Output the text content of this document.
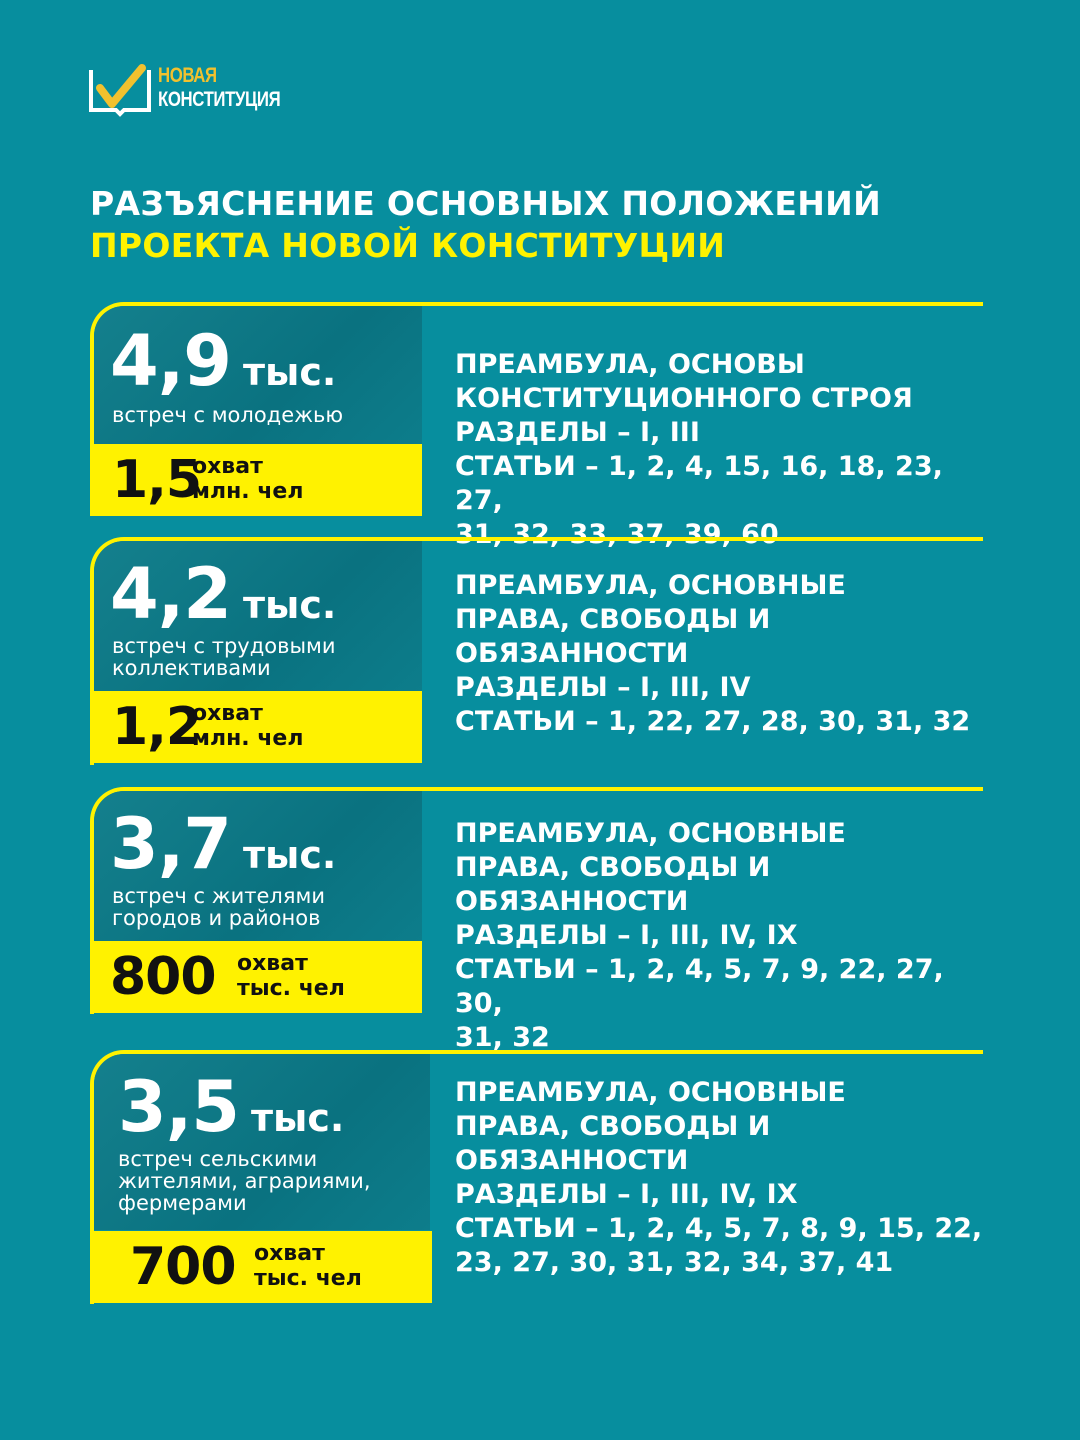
НОВАЯ
КОНСТИТУЦИЯ
РАЗЪЯСНЕНИЕ ОСНОВНЫХ ПОЛОЖЕНИЙ
ПРОЕКТА НОВОЙ КОНСТИТУЦИИ
4,9 тыс.
встреч с молодежью
1,5
охват
млн. чел
ПРЕАМБУЛА, ОСНОВЫ
КОНСТИТУЦИОННОГО СТРОЯ
РАЗДЕЛЫ – I, III
СТАТЬИ – 1, 2, 4, 15, 16, 18, 23, 27,
31, 32, 33, 37, 39, 60
4,2 тыс.
встреч с трудовыми
коллективами
1,2
охват
млн. чел
ПРЕАМБУЛА, ОСНОВНЫЕ
ПРАВА, СВОБОДЫ И
ОБЯЗАННОСТИ
РАЗДЕЛЫ – I, III, IV
СТАТЬИ – 1, 22, 27, 28, 30, 31, 32
3,7 тыс.
встреч с жителями
городов и районов
800 охват
тыс. чел
ПРЕАМБУЛА, ОСНОВНЫЕ
ПРАВА, СВОБОДЫ И
ОБЯЗАННОСТИ
РАЗДЕЛЫ – I, III, IV, IX
СТАТЬИ – 1, 2, 4, 5, 7, 9, 22, 27, 30,
31, 32
3,5 тыс.
встреч сельскими
жителями, аграриями,
фермерами
700 охват
тыс. чел
ПРЕАМБУЛА, ОСНОВНЫЕ
ПРАВА, СВОБОДЫ И
ОБЯЗАННОСТИ
РАЗДЕЛЫ – I, III, IV, IX
СТАТЬИ – 1, 2, 4, 5, 7, 8, 9, 15, 22,
23, 27, 30, 31, 32, 34, 37, 41
